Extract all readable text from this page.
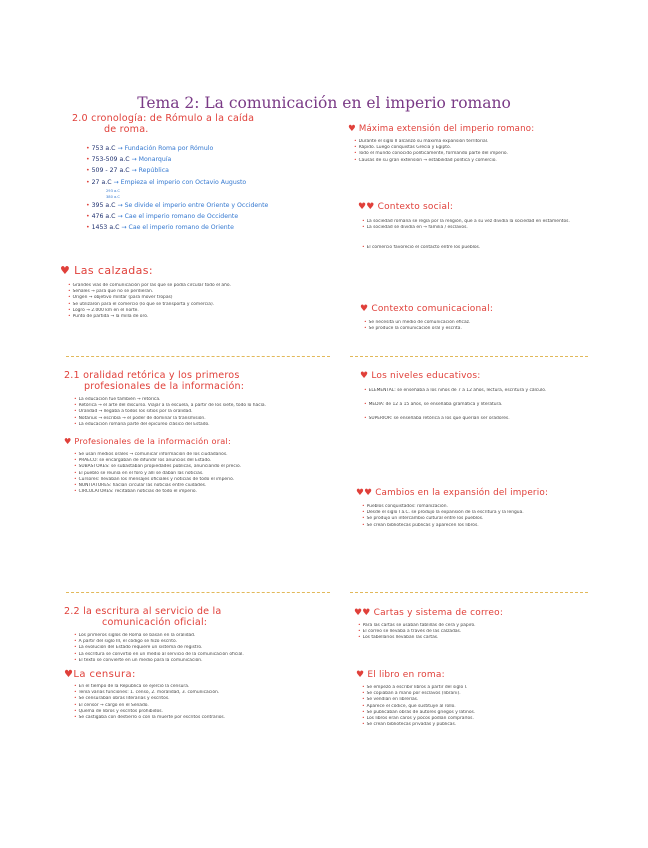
Tema 2: La comunicación en el imperio romano
2.0 cronología: de Rómulo a la caída
de roma.
• 753 a.C → Fundación Roma por Rómulo
• 753-509 a.C → Monarquía
• 509 - 27 a.C → República
• 27 a.C → Empieza el imperio con Octavio Augusto
293 a.C
380 a.C
• 395 a.C → Se divide el imperio entre Oriente y Occidente
• 476 a.C → Cae el imperio romano de Occidente
• 1453 a.C → Cae el imperio romano de Oriente
♥ Las calzadas:
• Grandes vías de comunicación por las que se podía circular todo el año.
• Señales → para que no se perdieran.
• Origen → objetivo militar (para mover tropas)
• Se utilizaron para el comercio (lo que se transporta y comercia).
• Logro → 2.000 km en el norte.
• Punto de partida → la milla de oro.
2.1 oralidad retórica y los primeros
profesionales de la información:
• La educación fue también → retórica.
• Retórica → el arte del discurso. Viajar a la escuela, a partir de los siete, todo lo hacía.
• Oralidad → llegaba a todos los sitios por la oralidad.
• Notarius → escribía → el poder de dominar la transmisión.
• La educación romana parte del epicúreo clásico del Estado.
♥ Profesionales de la información oral:
• Se usan medios orales → comunicar información de los ciudadanos.
• PRAECO: se encargaban de difundir los anuncios del Estado.
• SUBASTORES: se subastaban propiedades públicas, anunciando el precio.
• El pueblo se reunía en el foro y allí se daban las noticias.
• Cursores: llevaban los mensajes oficiales y noticias de todo el imperio.
• NUNTIATORES: hacían circular las noticias entre ciudades.
• CIRCULATORES: recitaban noticias de todo el imperio.
2.2 la escritura al servicio de la
comunicación oficial:
• Los primeros siglos de Roma se basan en la oralidad.
• A partir del siglo III, el código se hizo escrito.
• La evolución del Estado requiere un sistema de registro.
• La escritura se convirtió en un medio al servicio de la comunicación oficial.
• El texto se convierte en un medio para la comunicación.
♥La censura:
• En el tiempo de la República se ejerció la censura.
• Tenía varias funciones: 1. censo, 2. moralidad, 3. comunicación.
• Se censuraban obras literarias y escritos.
• El censor → cargo en el Senado.
• Quema de libros y escritos prohibidos.
• Se castigaba con destierro o con la muerte por escritos contrarios.
♥ Máxima extensión del imperio romano:
• Durante el siglo II alcanzó su máxima expansión territorial.
• Rápido. Luego conquistas Grecia y Egipto.
• Todo el mundo conocido políticamente, formando parte del imperio.
• Causas de su gran extensión → estabilidad política y comercio.
♥♥ Contexto social:
• La sociedad romana se regía por la religión, que a su vez dividía la sociedad en estamentos.
• La sociedad se dividía en → familia / esclavos.
• El comercio favoreció el contacto entre los pueblos.
♥ Contexto comunicacional:
• Se necesita un medio de comunicación eficaz.
• Se produce la comunicación oral y escrita.
♥ Los niveles educativos:
• ELEMENTAL: se enseñaba a los niños de 7 a 12 años, lectura, escritura y cálculo.
• MEDIA: de 12 a 15 años, se enseñaba gramática y literatura.
• SUPERIOR: se enseñaba retórica a los que querían ser oradores.
♥♥ Cambios en la expansión del imperio:
• Pueblos conquistados: romanización.
• Desde el siglo I a.C. se produjo la expansión de la escritura y la lengua.
• Se produjo un intercambio cultural entre los pueblos.
• Se crean bibliotecas públicas y aparecen los libros.
♥♥ Cartas y sistema de correo:
• Para las cartas se usaban tablillas de cera y papiro.
• El correo se llevaba a través de las calzadas.
• Los tabellarios llevaban las cartas.
♥ El libro en roma:
• Se empezó a escribir libros a partir del siglo I.
• Se copiaban a mano por esclavos (librarii).
• Se vendían en librerías.
• Aparece el códice, que sustituye al rollo.
• Se publicaban obras de autores griegos y latinos.
• Los libros eran caros y pocos podían comprarlos.
• Se crean bibliotecas privadas y públicas.
